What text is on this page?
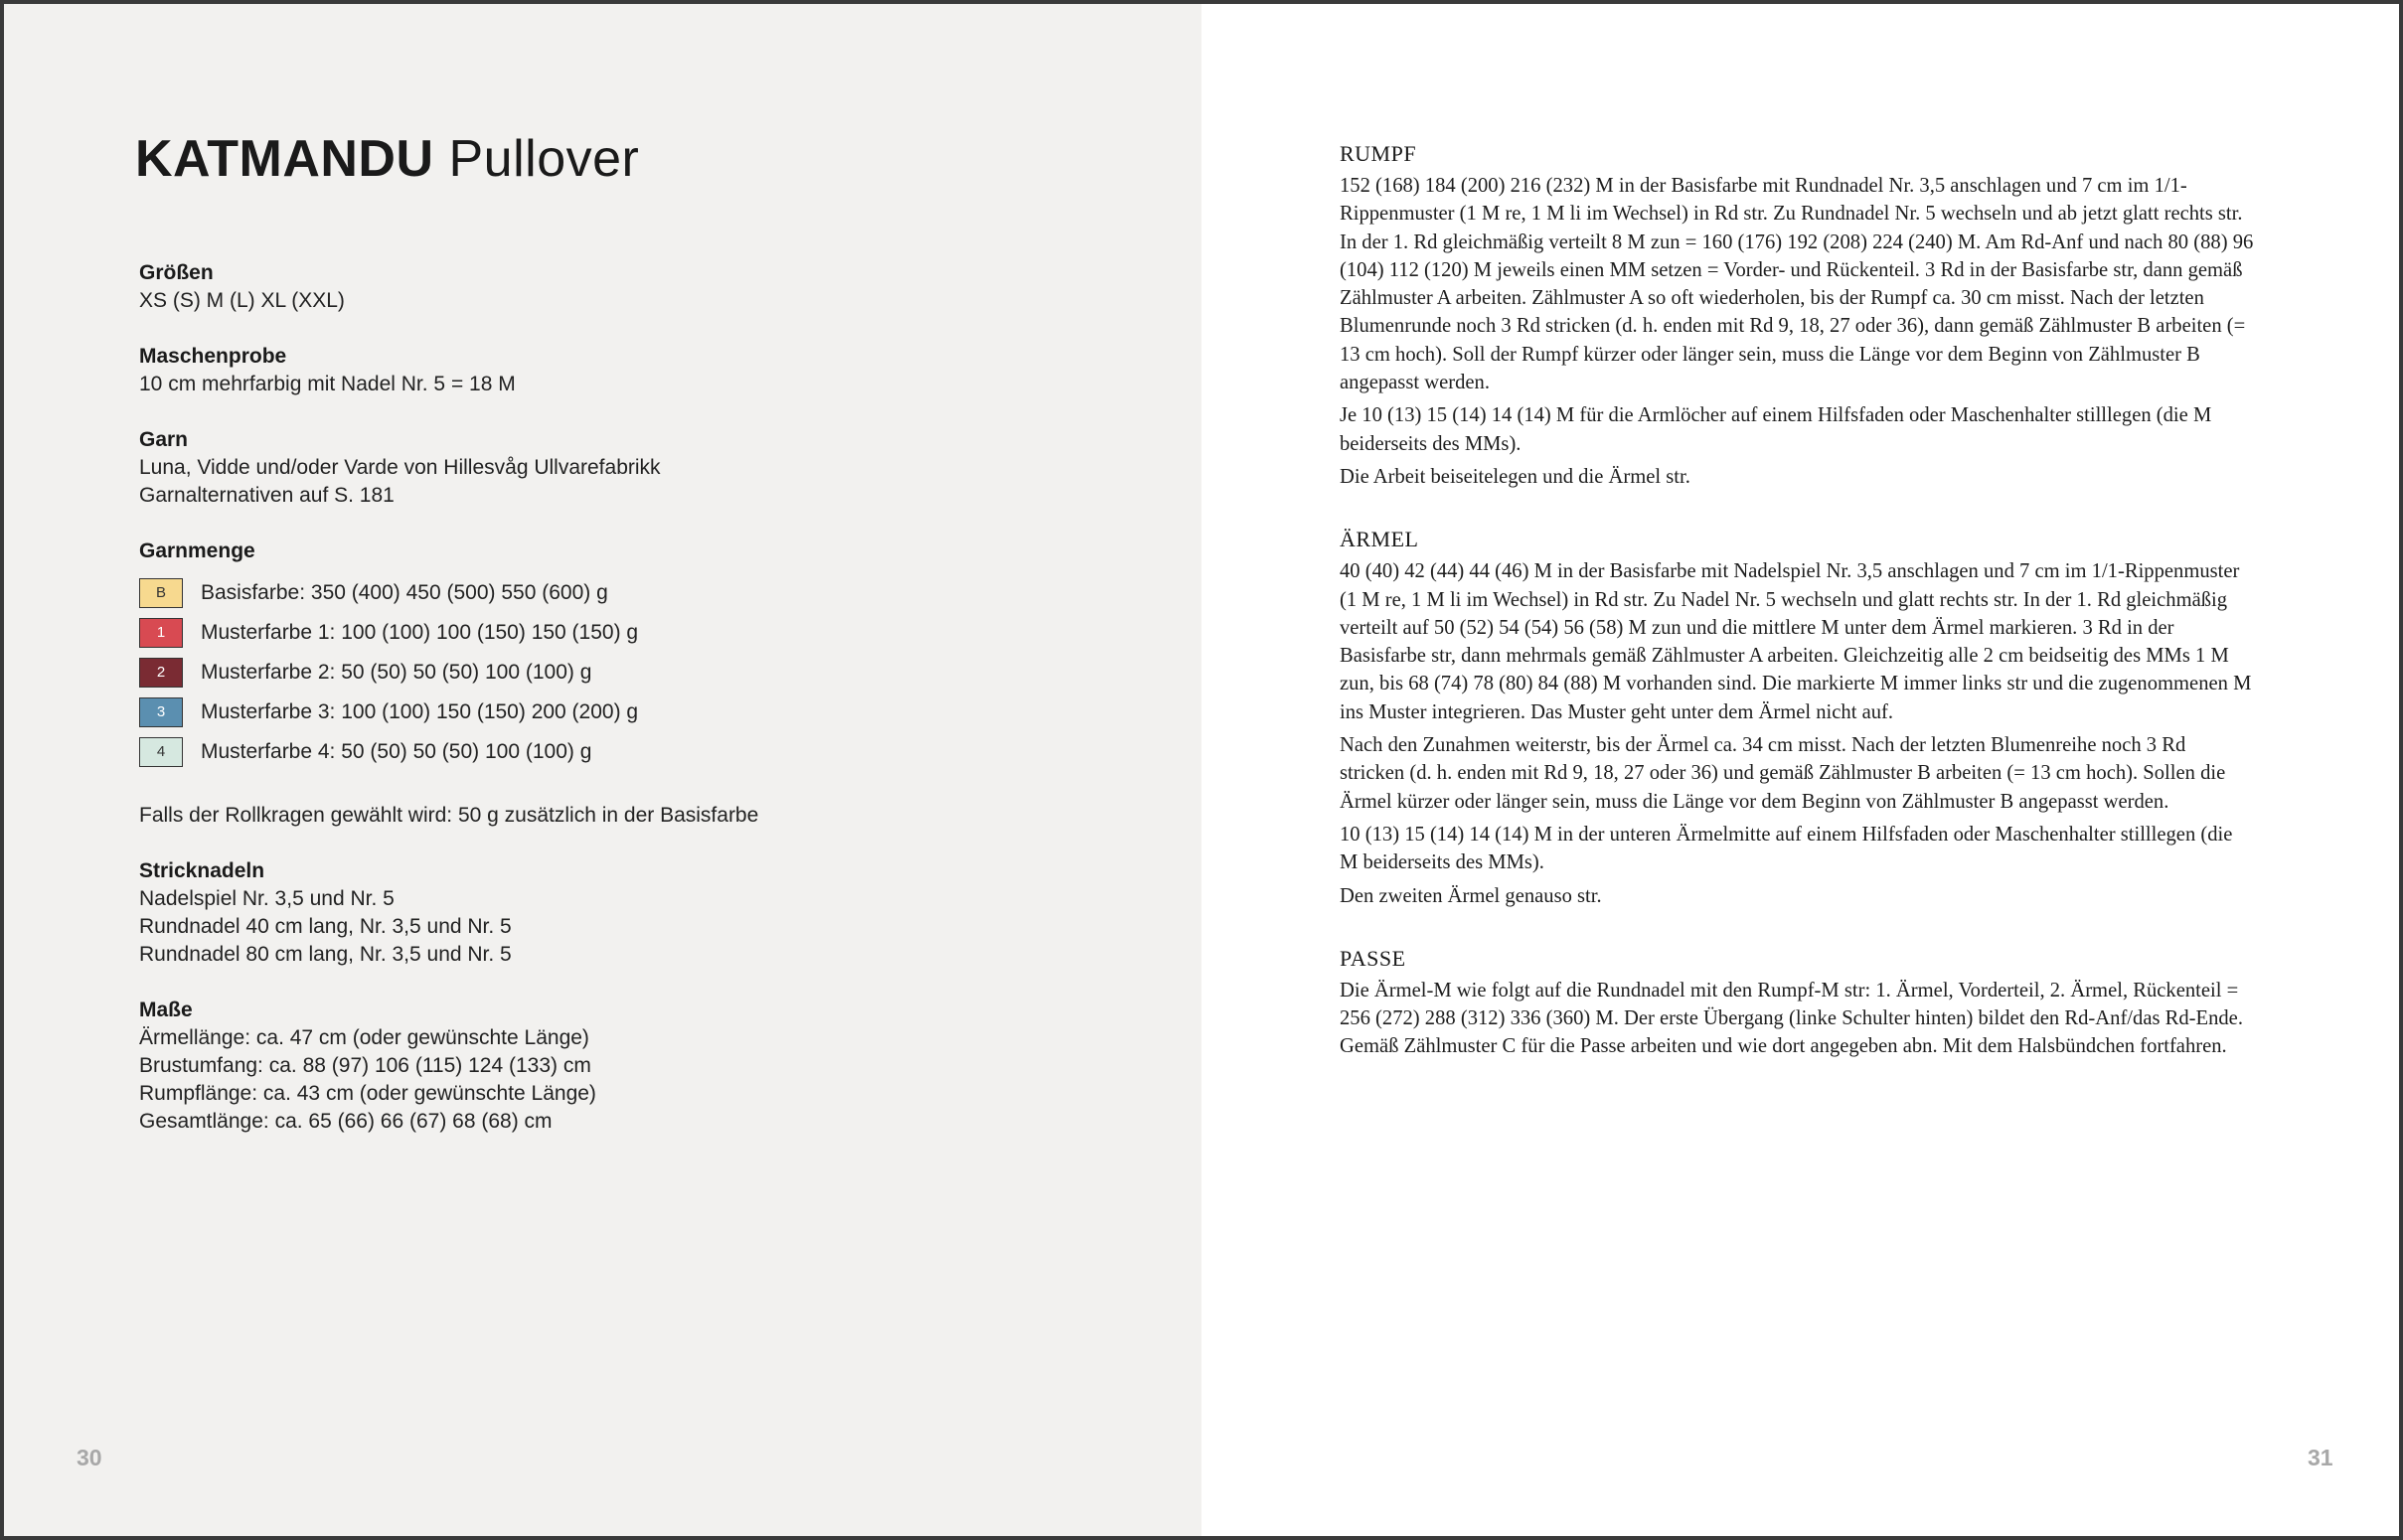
KATMANDU Pullover
Größen

XS (S) M (L) XL (XXL)

Maschenprobe

10 cm mehrfarbig mit Nadel Nr. 5 = 18 M

Garn

Luna, Vidde und/oder Varde von Hillesvåg Ullvarefabrikk

Garnalternativen auf S. 181

Garnmenge
B	Basisfarbe: 350 (400) 450 (500) 550 (600) g
1	Musterfarbe 1: 100 (100) 100 (150) 150 (150) g
2	Musterfarbe 2: 50 (50) 50 (50) 100 (100) g
3	Musterfarbe 3: 100 (100) 150 (150) 200 (200) g
4	Musterfarbe 4: 50 (50) 50 (50) 100 (100) g

Falls der Rollkragen gewählt wird: 50 g zusätzlich in der Basisfarbe

Stricknadeln

Nadelspiel Nr. 3,5 und Nr. 5

Rundnadel 40 cm lang, Nr. 3,5 und Nr. 5

Rundnadel 80 cm lang, Nr. 3,5 und Nr. 5

Maße

Ärmellänge: ca. 47 cm (oder gewünschte Länge)

Brustumfang: ca. 88 (97) 106 (115) 124 (133) cm

Rumpflänge: ca. 43 cm (oder gewünschte Länge)

Gesamtlänge: ca. 65 (66) 66 (67) 68 (68) cm

30	31
RUMPF

152 (168) 184 (200) 216 (232) M in der Basisfarbe mit Rundnadel Nr. 3,5 anschlagen und 7 cm im 1/1-Rippenmuster (1 M re, 1 M li im Wechsel) in Rd str. Zu Rundnadel Nr. 5 wechseln und ab jetzt glatt rechts str. In der 1. Rd gleichmäßig verteilt 8 M zun = 160 (176) 192 (208) 224 (240) M. Am Rd-Anf und nach 80 (88) 96 (104) 112 (120) M jeweils einen MM setzen = Vorder- und Rückenteil. 3 Rd in der Basisfarbe str, dann gemäß Zählmuster A arbeiten. Zählmuster A so oft wiederholen, bis der Rumpf ca. 30 cm misst. Nach der letzten Blumenrunde noch 3 Rd stricken (d. h. enden mit Rd 9, 18, 27 oder 36), dann gemäß Zählmuster B arbeiten (= 13 cm hoch). Soll der Rumpf kürzer oder länger sein, muss die Länge vor dem Beginn von Zählmuster B angepasst werden.

Je 10 (13) 15 (14) 14 (14) M für die Armlöcher auf einem Hilfsfaden oder Maschenhalter stilllegen (die M beiderseits des MMs).

Die Arbeit beiseitelegen und die Ärmel str.

ÄRMEL

40 (40) 42 (44) 44 (46) M in der Basisfarbe mit Nadelspiel Nr. 3,5 anschlagen und 7 cm im 1/1-Rippenmuster (1 M re, 1 M li im Wechsel) in Rd str. Zu Nadel Nr. 5 wechseln und glatt rechts str. In der 1. Rd gleichmäßig verteilt auf 50 (52) 54 (54) 56 (58) M zun und die mittlere M unter dem Ärmel markieren. 3 Rd in der Basisfarbe str, dann mehrmals gemäß Zählmuster A arbeiten. Gleichzeitig alle 2 cm beidseitig des MMs 1 M zun, bis 68 (74) 78 (80) 84 (88) M vorhanden sind. Die markierte M immer links str und die zugenommenen M ins Muster integrieren. Das Muster geht unter dem Ärmel nicht auf.

Nach den Zunahmen weiterstr, bis der Ärmel ca. 34 cm misst. Nach der letzten Blumenreihe noch 3 Rd stricken (d. h. enden mit Rd 9, 18, 27 oder 36) und gemäß Zählmuster B arbeiten (= 13 cm hoch). Sollen die Ärmel kürzer oder länger sein, muss die Länge vor dem Beginn von Zählmuster B angepasst werden.

10 (13) 15 (14) 14 (14) M in der unteren Ärmelmitte auf einem Hilfsfaden oder Maschenhalter stilllegen (die M beiderseits des MMs).

Den zweiten Ärmel genauso str.

PASSE

Die Ärmel-M wie folgt auf die Rundnadel mit den Rumpf-M str: 1. Ärmel, Vorderteil, 2. Ärmel, Rückenteil = 256 (272) 288 (312) 336 (360) M. Der erste Übergang (linke Schulter hinten) bildet den Rd-Anf/das Rd-Ende. Gemäß Zählmuster C für die Passe arbeiten und wie dort angegeben abn. Mit dem Halsbündchen fortfahren.
